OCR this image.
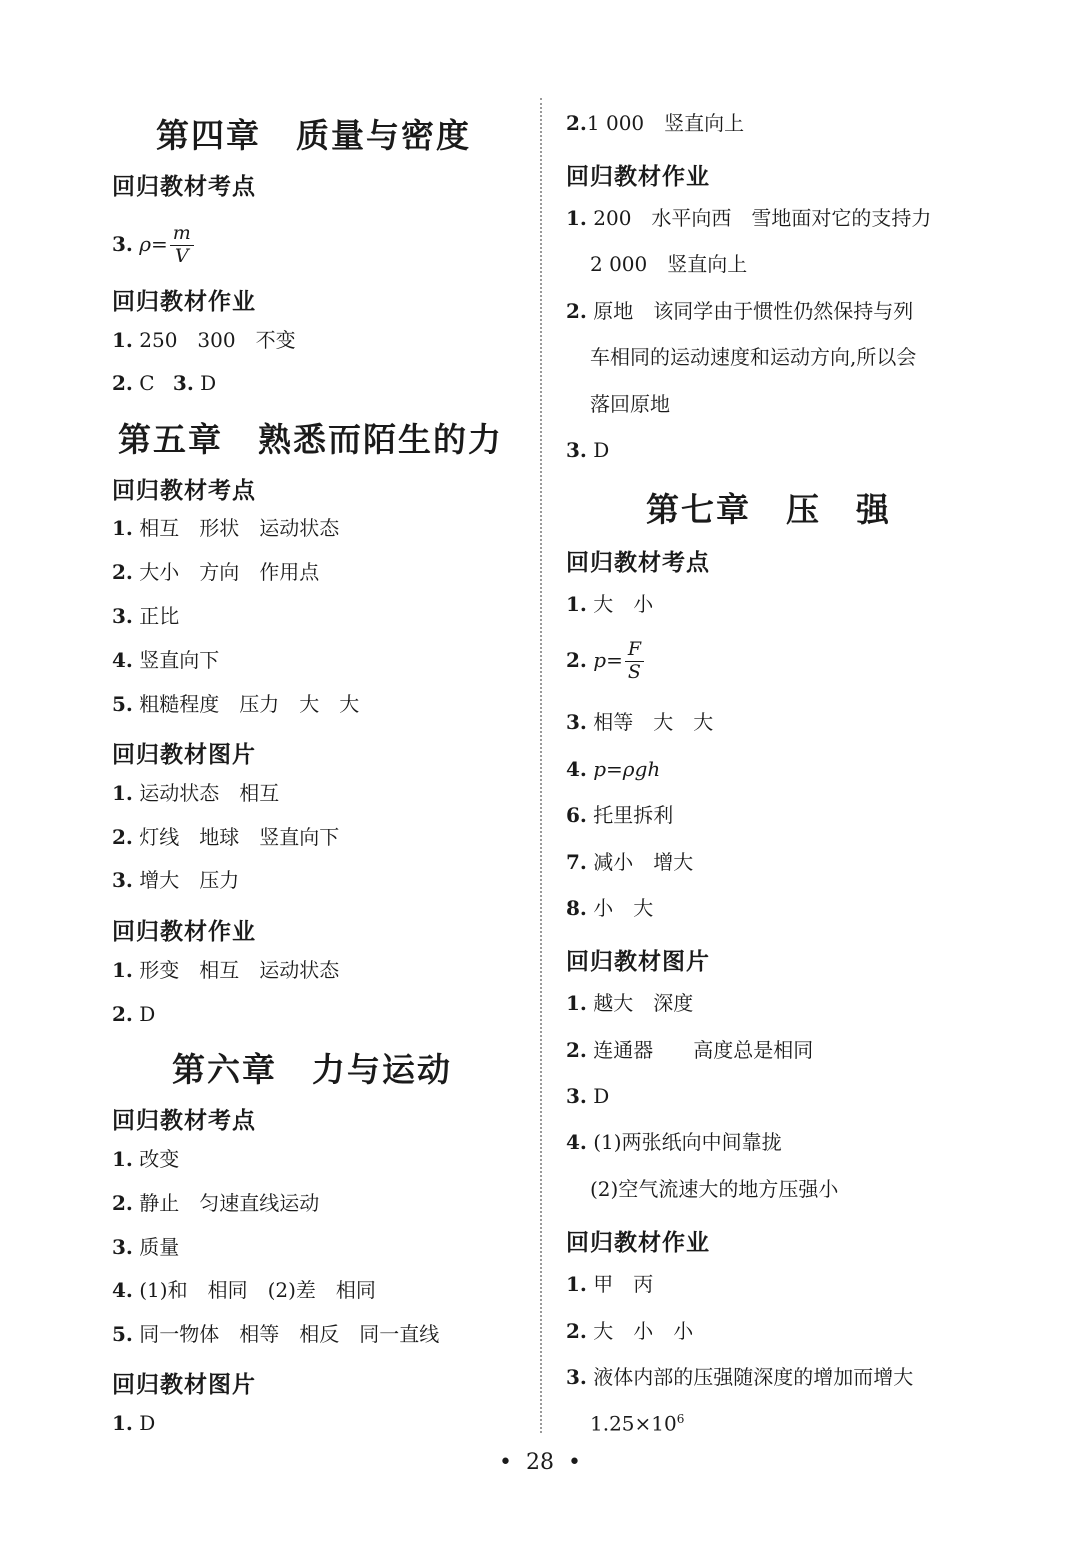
第四章　质量与密度
回归教材考点
3. $\rho= \frac{m}{V}$
回归教材作业
1. 250　300　不变
2. C 3. D
第五章　熟悉而陌生的力
回归教材考点
1. 相互　形状　运动状态
2. 大小　方向　作用点
3. 正比
4. 竖直向下
5. 粗糙程度　压力　大　大
回归教材图片
1. 运动状态　相互
2. 灯线　地球　竖直向下
3. 增大　压力
回归教材作业
1. 形变　相互　运动状态
2. D
第六章　力与运动
回归教材考点
1. 改变
2. 静止　匀速直线运动
3. 质量
4. (1)和　相同　(2)差　相同
5. 同一物体　相等　相反　同一直线
回归教材图片
1. D
2.1 000　竖直向上
回归教材作业
1. 200　水平向西　雪地面对它的支持力
2 000　竖直向上
2. 原地　该同学由于惯性仍然保持与列
车相同的运动速度和运动方向,所以会
落回原地
3. D
第七章　压　强
回归教材考点
1. 大　小
2. $p= \frac{F}{S}$
3. 相等　大　大
4. p=ρgh
6. 托里拆利
7. 减小　增大
8. 小　大
回归教材图片
1. 越大　深度
2. 连通器　　高度总是相同
3. D
4. (1)两张纸向中间靠拢
(2)空气流速大的地方压强小
回归教材作业
1. 甲　丙
2. 大　小　小
3. 液体内部的压强随深度的增加而增大
$1.25\times 10^6$
• 28 •
